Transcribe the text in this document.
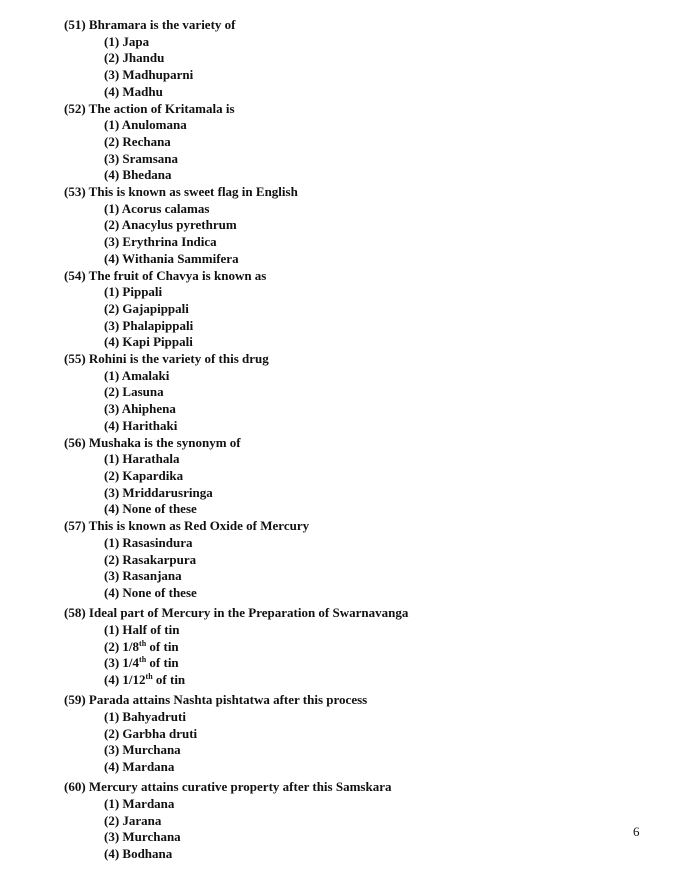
(51) Bhramara is the variety of
(1) Japa
(2) Jhandu
(3) Madhuparni
(4) Madhu
(52) The action of Kritamala is
(1) Anulomana
(2) Rechana
(3) Sramsana
(4) Bhedana
(53) This is known as sweet flag in English
(1) Acorus calamas
(2) Anacylus pyrethrum
(3) Erythrina Indica
(4) Withania Sammifera
(54) The fruit of Chavya is known as
(1) Pippali
(2) Gajapippali
(3) Phalapippali
(4) Kapi Pippali
(55) Rohini is the variety of this drug
(1) Amalaki
(2) Lasuna
(3) Ahiphena
(4) Harithaki
(56) Mushaka is the synonym of
(1) Harathala
(2) Kapardika
(3) Mriddarusringa
(4) None of these
(57) This is known as Red Oxide of Mercury
(1) Rasasindura
(2) Rasakarpura
(3) Rasanjana
(4) None of these
(58) Ideal part of Mercury in the Preparation of Swarnavanga
(1) Half of tin
(2) 1/8th of tin
(3) 1/4th of tin
(4) 1/12th of tin
(59) Parada attains Nashta pishtatwa after this process
(1) Bahyadruti
(2) Garbha druti
(3) Murchana
(4) Mardana
(60) Mercury attains curative property after this Samskara
(1) Mardana
(2) Jarana
(3) Murchana
(4) Bodhana
6
